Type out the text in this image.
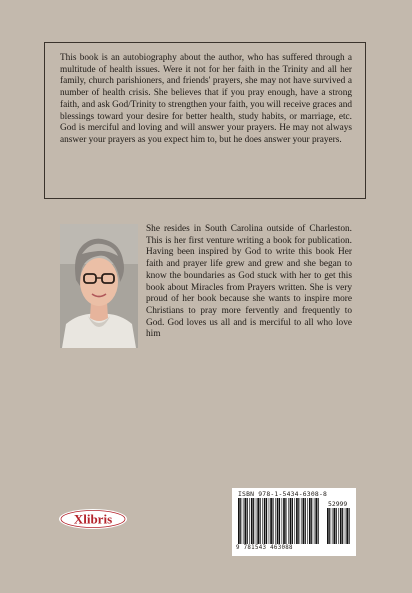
This book is an autobiography about the author, who has suffered through a multitude of health issues. Were it not for her faith in the Trinity and all her family, church parishioners, and friends' prayers, she may not have survived a number of health crisis. She believes that if you pray enough, have a strong faith, and ask God/Trinity to strengthen your faith, you will receive graces and blessings toward your desire for better health, study habits, or marriage, etc. God is merciful and loving and will answer your prayers. He may not always answer your prayers as you expect him to, but he does answer your prayers.

She resides in South Carolina outside of Charleston. This is her first venture writing a book for publication. Having been inspired by God to write this book Her faith and prayer life grew and grew and she began to know the boundaries as God stuck with her to get this book about Miracles from Prayers written. She is very proud of her book because she wants to inspire more Christians to pray more fervently and frequently to God. God loves us all and is merciful to all who love him

Xlibris
ISBN 978-1-5434-6308-8
52999
9 781543 463088
